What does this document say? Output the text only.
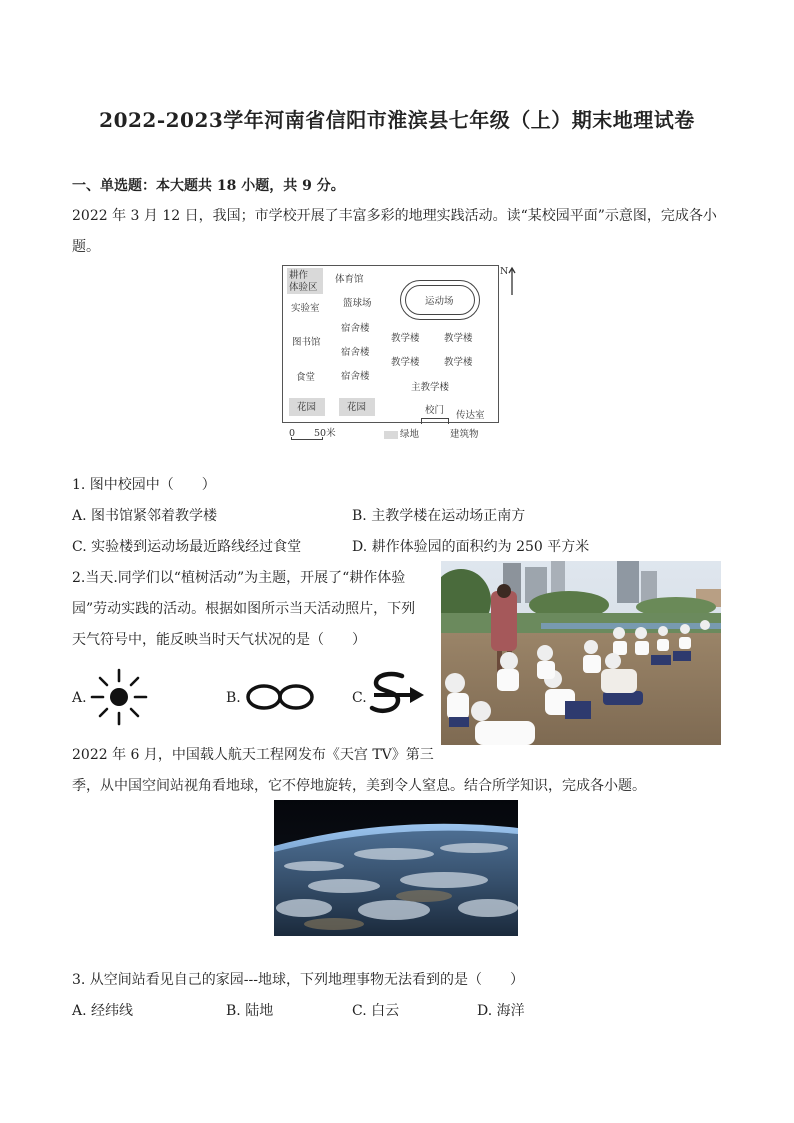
2022-2023学年河南省信阳市淮滨县七年级（上）期末地理试卷
一、单选题：本大题共 18 小题，共 9 分。
2022 年 3 月 12 日，我国；市学校开展了丰富多彩的地理实践活动。读“某校园平面”示意图，完成各小
题。
耕作
体验区
体育馆
实验室 篮球场	运动场
宿舍楼
图书馆	教学楼	教学楼
宿舍楼
教学楼	教学楼
食堂	宿舍楼
主教学楼
花园	花园	校门 传达室
N
0 50米	绿地	建筑物
1. 图中校园中（　　）
A. 图书馆紧邻着教学楼	B. 主教学楼在运动场正南方
C. 实验楼到运动场最近路线经过食堂	D. 耕作体验园的面积约为 250 平方米
2.当天.同学们以“植树活动”为主题，开展了“耕作体验
园”劳动实践的活动。根据如图所示当天活动照片，下列
天气符号中，能反映当时天气状况的是（　　）
A.	B.	C.
2022 年 6 月，中国载人航天工程网发布《天宫 TV》第三
季，从中国空间站视角看地球，它不停地旋转，美到令人窒息。结合所学知识，完成各小题。
3. 从空间站看见自己的家园---地球，下列地理事物无法看到的是（　　）
A. 经纬线	B. 陆地	C. 白云	D. 海洋
